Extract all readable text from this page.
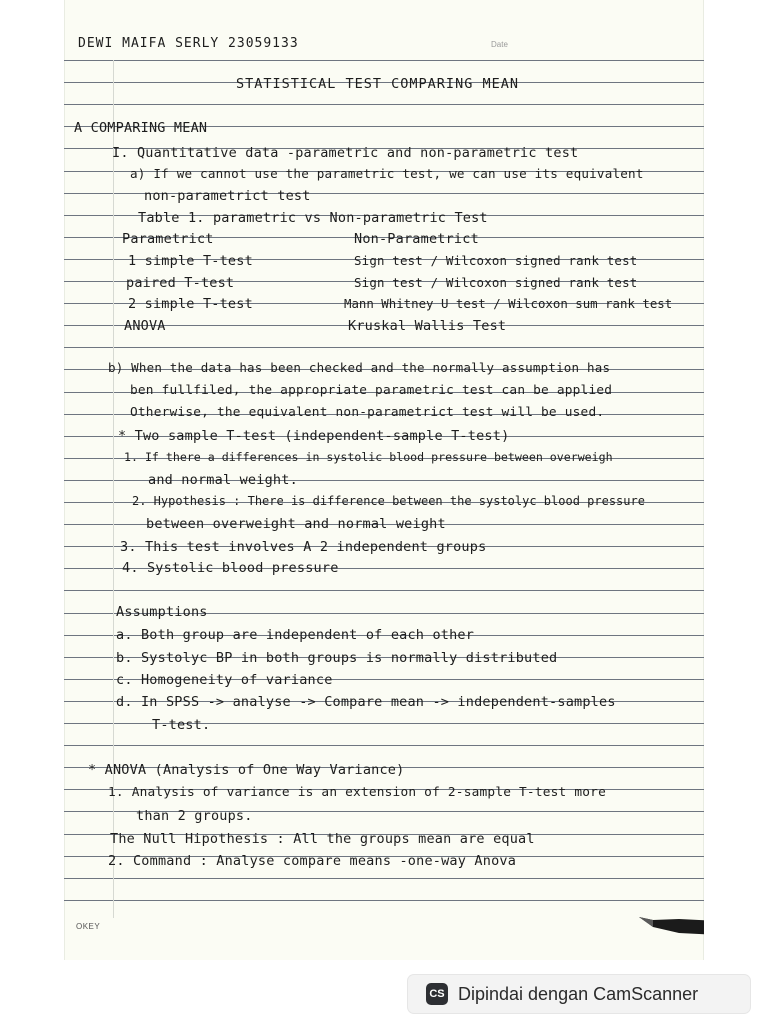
DEWI MAIFA SERLY 23059133	Date
STATISTICAL TEST COMPARING MEAN
A COMPARING MEAN
I. Quantitative data -parametric and non-parametric test
a) If we cannot use the parametric test, we can use its equivalent
non-parametrict test
Table 1. parametric vs Non-parametric Test
Parametrict	Non-Parametrict
1 simple T-test	Sign test / Wilcoxon signed rank test
paired T-test	Sign test / Wilcoxon signed rank test
2 simple T-test	Mann Whitney U test / Wilcoxon sum rank test
ANOVA	Kruskal Wallis Test
b) When the data has been checked and the normally assumption has
ben fullfiled, the appropriate parametric test can be applied
Otherwise, the equivalent non-parametrict test will be used.
* Two sample T-test (independent-sample T-test)
1. If there a differences in systolic blood pressure between overweigh
and normal weight.
2. Hypothesis : There is difference between the systolyc blood pressure
between overweight and normal weight
3. This test involves A 2 independent groups
4. Systolic blood pressure
Assumptions
a. Both group are independent of each other
b. Systolyc BP in both groups is normally distributed
c. Homogeneity of variance
d. In SPSS -> analyse -> Compare mean -> independent-samples
T-test.
* ANOVA (Analysis of One Way Variance)
1. Analysis of variance is an extension of 2-sample T-test more
than 2 groups.
The Null Hipothesis : All the groups mean are equal
2. Command : Analyse compare means -one-way Anova
OKEY
CS Dipindai dengan CamScanner
